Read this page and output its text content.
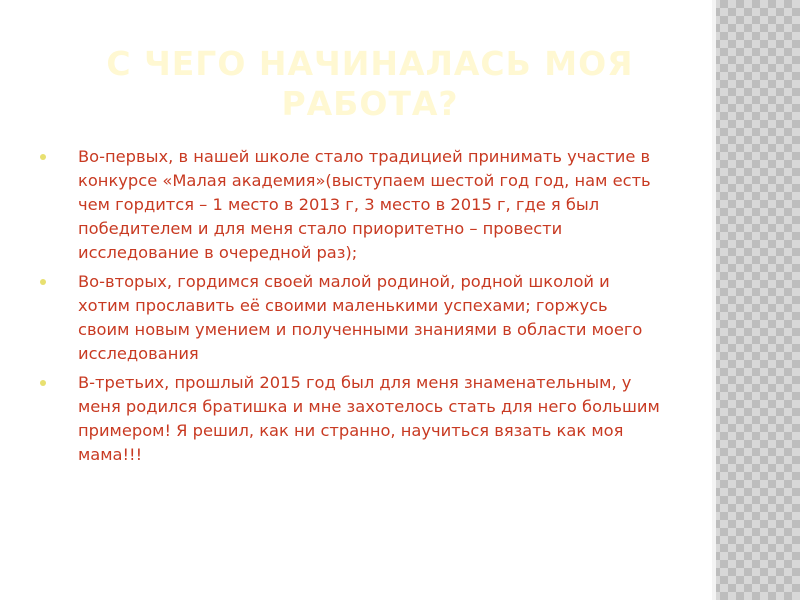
С ЧЕГО НАЧИНАЛАСЬ МОЯ
РАБОТА?
Во-первых, в нашей школе стало традицией принимать участие в конкурсе «Малая академия»(выступаем шестой год год, нам есть чем гордится – 1 место в 2013 г, 3 место в 2015 г, где я был победителем и для меня стало приоритетно – провести исследование в очередной раз);
Во-вторых, гордимся своей малой родиной, родной школой и хотим прославить её своими маленькими успехами; горжусь своим новым умением и полученными знаниями в области моего исследования
В-третьих, прошлый 2015 год был для меня знаменательным, у меня родился братишка и мне захотелось стать для него большим примером! Я решил, как ни странно, научиться вязать как моя мама!!!
